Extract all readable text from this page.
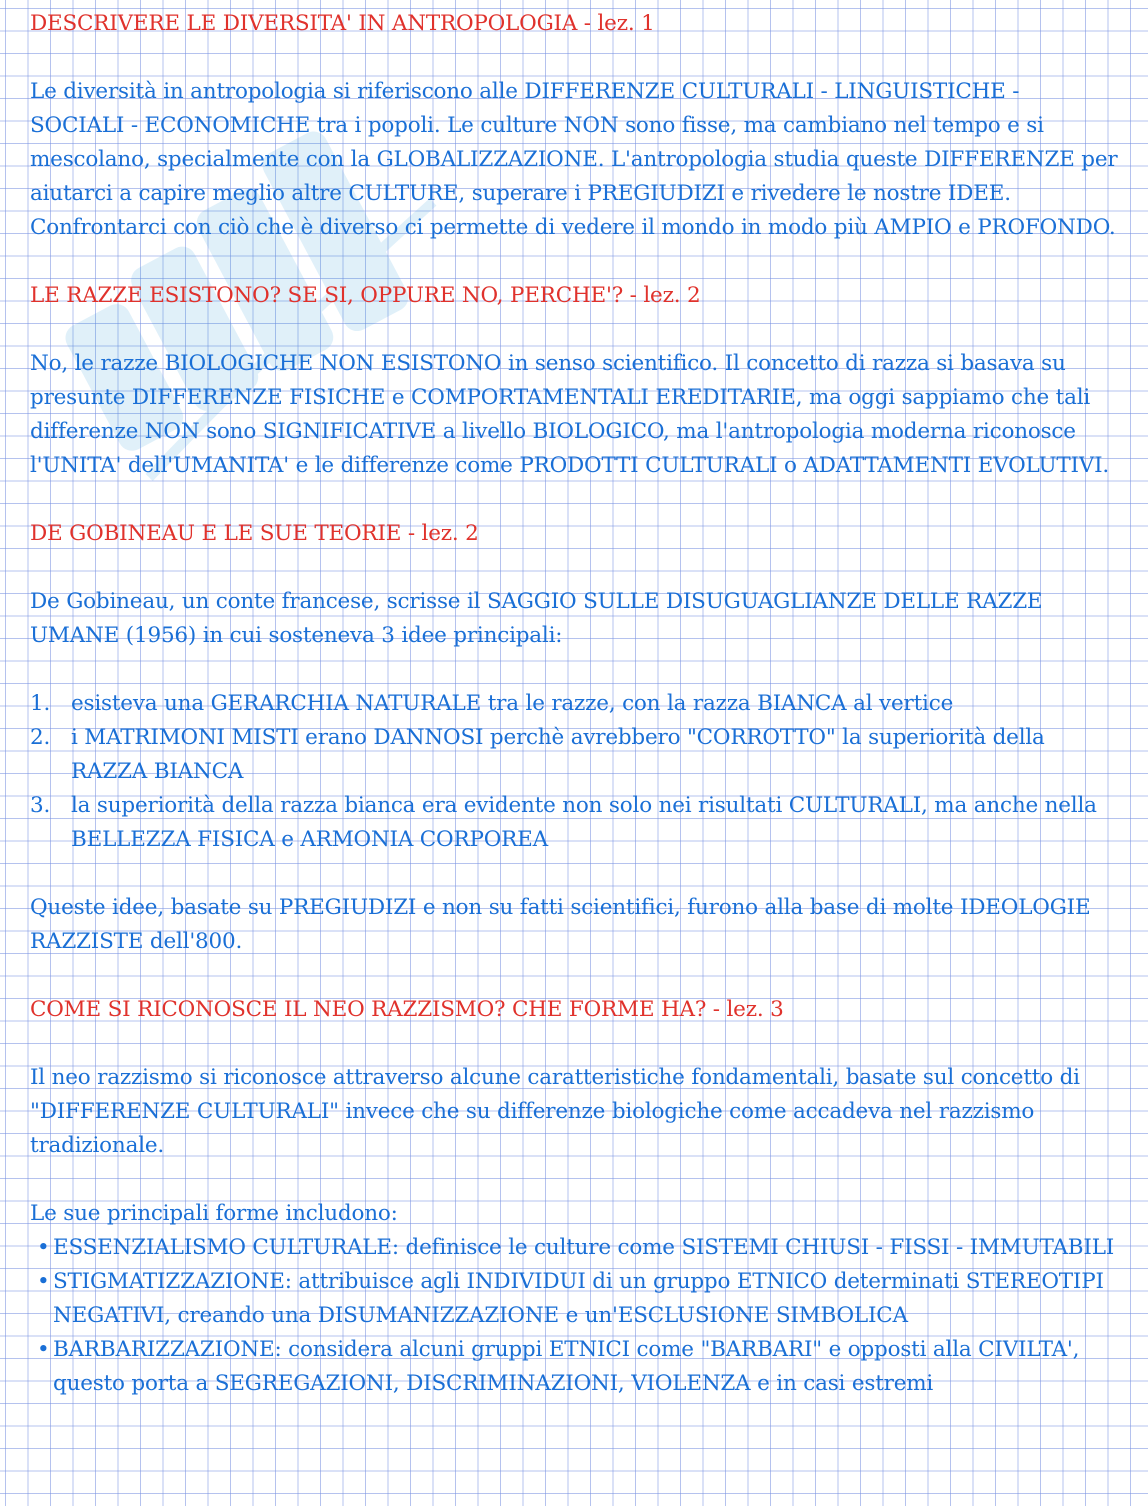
DESCRIVERE LE DIVERSITA' IN ANTROPOLOGIA - lez. 1
Le diversità in antropologia si riferiscono alle DIFFERENZE CULTURALI - LINGUISTICHE - SOCIALI - ECONOMICHE tra i popoli. Le culture NON sono fisse, ma cambiano nel tempo e si mescolano, specialmente con la GLOBALIZZAZIONE. L'antropologia studia queste DIFFERENZE per aiutarci a capire meglio altre CULTURE, superare i PREGIUDIZI e rivedere le nostre IDEE. Confrontarci con ciò che è diverso ci permette di vedere il mondo in modo più AMPIO e PROFONDO.
LE RAZZE ESISTONO? SE SI, OPPURE NO, PERCHE'? - lez. 2
No, le razze BIOLOGICHE NON ESISTONO in senso scientifico. Il concetto di razza si basava su presunte DIFFERENZE FISICHE e COMPORTAMENTALI EREDITARIE, ma oggi sappiamo che tali differenze NON sono SIGNIFICATIVE a livello BIOLOGICO, ma l'antropologia moderna riconosce l'UNITA' dell'UMANITA' e le differenze come PRODOTTI CULTURALI o ADATTAMENTI EVOLUTIVI.
DE GOBINEAU E LE SUE TEORIE - lez. 2
De Gobineau, un conte francese, scrisse il SAGGIO SULLE DISUGUAGLIANZE DELLE RAZZE UMANE (1956) in cui sosteneva 3 idee principali:
1. esisteva una GERARCHIA NATURALE tra le razze, con la razza BIANCA al vertice
2. i MATRIMONI MISTI erano DANNOSI perchè avrebbero "CORROTTO" la superiorità della RAZZA BIANCA
3. la superiorità della razza bianca era evidente non solo nei risultati CULTURALI, ma anche nella BELLEZZA FISICA e ARMONIA CORPOREA
Queste idee, basate su PREGIUDIZI e non su fatti scientifici, furono alla base di molte IDEOLOGIE RAZZISTE dell'800.
COME SI RICONOSCE IL NEO RAZZISMO? CHE FORME HA? - lez. 3
Il neo razzismo si riconosce attraverso alcune caratteristiche fondamentali, basate sul concetto di "DIFFERENZE CULTURALI" invece che su differenze biologiche come accadeva nel razzismo tradizionale.
Le sue principali forme includono:
• ESSENZIALISMO CULTURALE: definisce le culture come SISTEMI CHIUSI - FISSI - IMMUTABILI
• STIGMATIZZAZIONE: attribuisce agli INDIVIDUI di un gruppo ETNICO determinati STEREOTIPI NEGATIVI, creando una DISUMANIZZAZIONE e un'ESCLUSIONE SIMBOLICA
• BARBARIZZAZIONE: considera alcuni gruppi ETNICI come "BARBARI" e opposti alla CIVILTA', questo porta a SEGREGAZIONI, DISCRIMINAZIONI, VIOLENZA e in casi estremi
